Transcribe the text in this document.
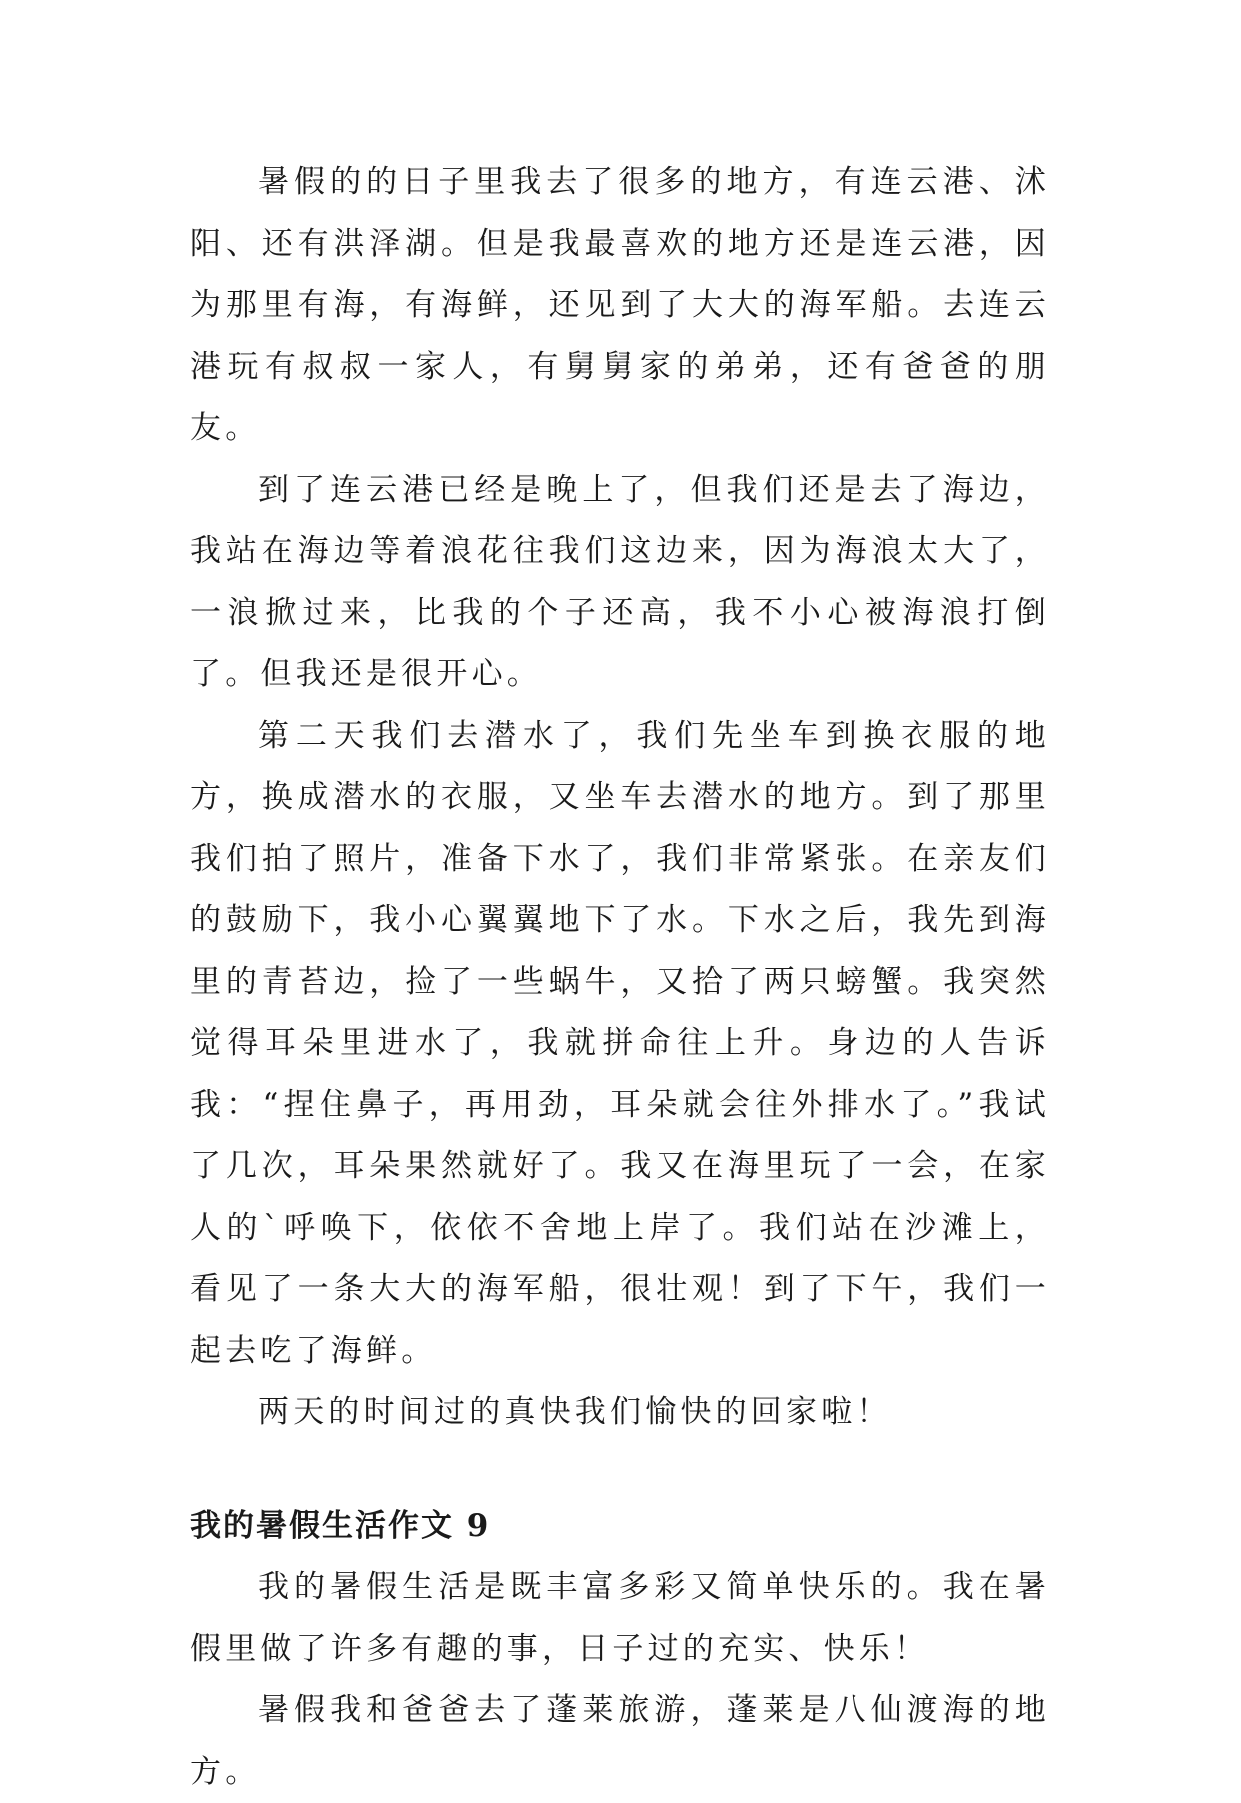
暑假的的日子里我去了很多的地方，有连云港、沭阳、还有洪泽湖。但是我最喜欢的地方还是连云港，因为那里有海，有海鲜，还见到了大大的海军船。去连云港玩有叔叔一家人，有舅舅家的弟弟，还有爸爸的朋友。

到了连云港已经是晚上了，但我们还是去了海边，我站在海边等着浪花往我们这边来，因为海浪太大了，一浪掀过来，比我的个子还高，我不小心被海浪打倒了。但我还是很开心。

第二天我们去潜水了，我们先坐车到换衣服的地方，换成潜水的衣服，又坐车去潜水的地方。到了那里我们拍了照片，准备下水了，我们非常紧张。在亲友们的鼓励下，我小心翼翼地下了水。下水之后，我先到海里的青苔边，捡了一些蜗牛，又拾了两只螃蟹。我突然觉得耳朵里进水了，我就拼命往上升。身边的人告诉我：“捏住鼻子，再用劲，耳朵就会往外排水了。”我试了几次，耳朵果然就好了。我又在海里玩了一会，在家人的`呼唤下，依依不舍地上岸了。我们站在沙滩上，看见了一条大大的海军船，很壮观！到了下午，我们一起去吃了海鲜。

两天的时间过的真快我们愉快的回家啦！

我的暑假生活作文 9

我的暑假生活是既丰富多彩又简单快乐的。我在暑假里做了许多有趣的事，日子过的充实、快乐！

暑假我和爸爸去了蓬莱旅游，蓬莱是八仙渡海的地方。
